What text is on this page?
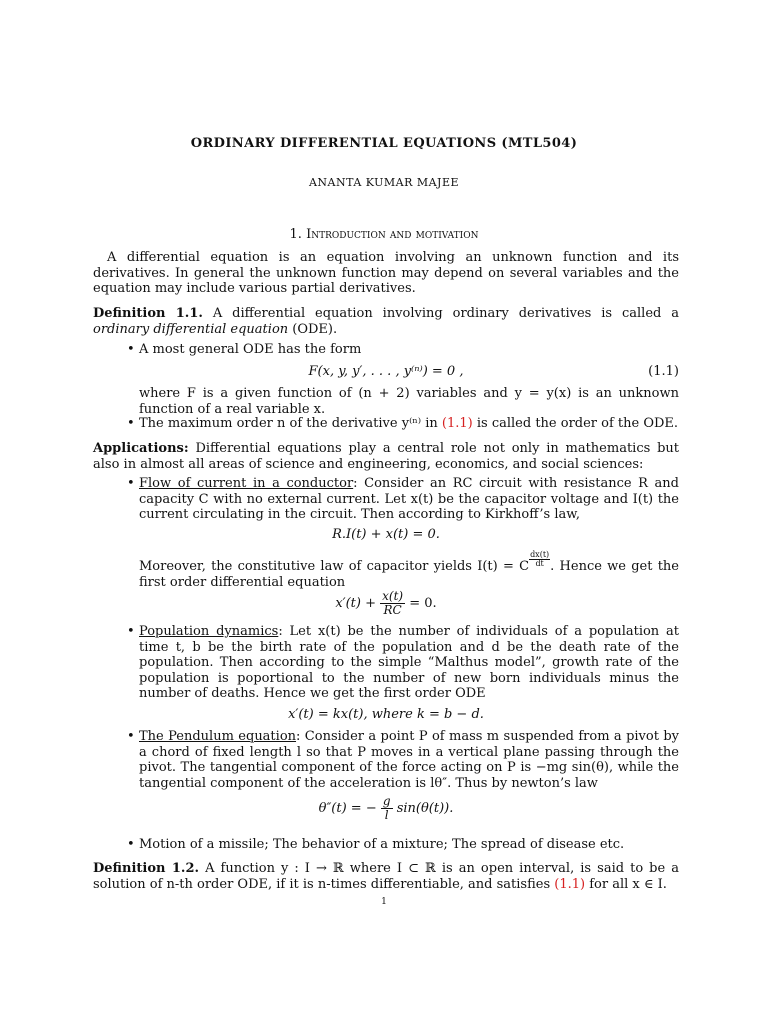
ORDINARY DIFFERENTIAL EQUATIONS (MTL504)
ANANTA KUMAR MAJEE
1. Introduction and motivation
A differential equation is an equation involving an unknown function and its derivatives. In general the unknown function may depend on several variables and the equation may include various partial derivatives.
Definition 1.1. A differential equation involving ordinary derivatives is called a ordinary differential equation (ODE).
• A most general ODE has the form
F(x, y, y′, . . . , y⁽ⁿ⁾) = 0 ,	(1.1)
where F is a given function of (n + 2) variables and y = y(x) is an unknown function of a real variable x.
• The maximum order n of the derivative y⁽ⁿ⁾ in (1.1) is called the order of the ODE.
Applications: Differential equations play a central role not only in mathematics but also in almost all areas of science and engineering, economics, and social sciences:
• Flow of current in a conductor: Consider an RC circuit with resistance R and capacity C with no external current. Let x(t) be the capacitor voltage and I(t) the current circulating in the circuit. Then according to Kirkhoff’s law,
R.I(t) + x(t) = 0.
Moreover, the constitutive law of capacitor yields I(t) = C $\frac{dx(t)}{dt}$ . Hence we get the first order differential equation
$x'(t) + \frac{x(t)}{RC} = 0$.
• Population dynamics: Let x(t) be the number of individuals of a population at time t, b be the birth rate of the population and d be the death rate of the population. Then according to the simple “Malthus model”, growth rate of the population is poportional to the number of new born individuals minus the number of deaths. Hence we get the first order ODE
x′(t) = kx(t), where k = b − d.
• The Pendulum equation: Consider a point P of mass m suspended from a pivot by a chord of fixed length l so that P moves in a vertical plane passing through the pivot. The tangential component of the force acting on P is −mg sin(θ), while the tangential component of the acceleration is lθ″. Thus by newton’s law
θ″(t) = − $\frac{g}{l} \sin(\theta(t))$.
• Motion of a missile; The behavior of a mixture; The spread of disease etc.
Definition 1.2. A function y : I → ℝ where I ⊂ ℝ is an open interval, is said to be a solution of n-th order ODE, if it is n-times differentiable, and satisfies (1.1) for all x ∈ I.
1
